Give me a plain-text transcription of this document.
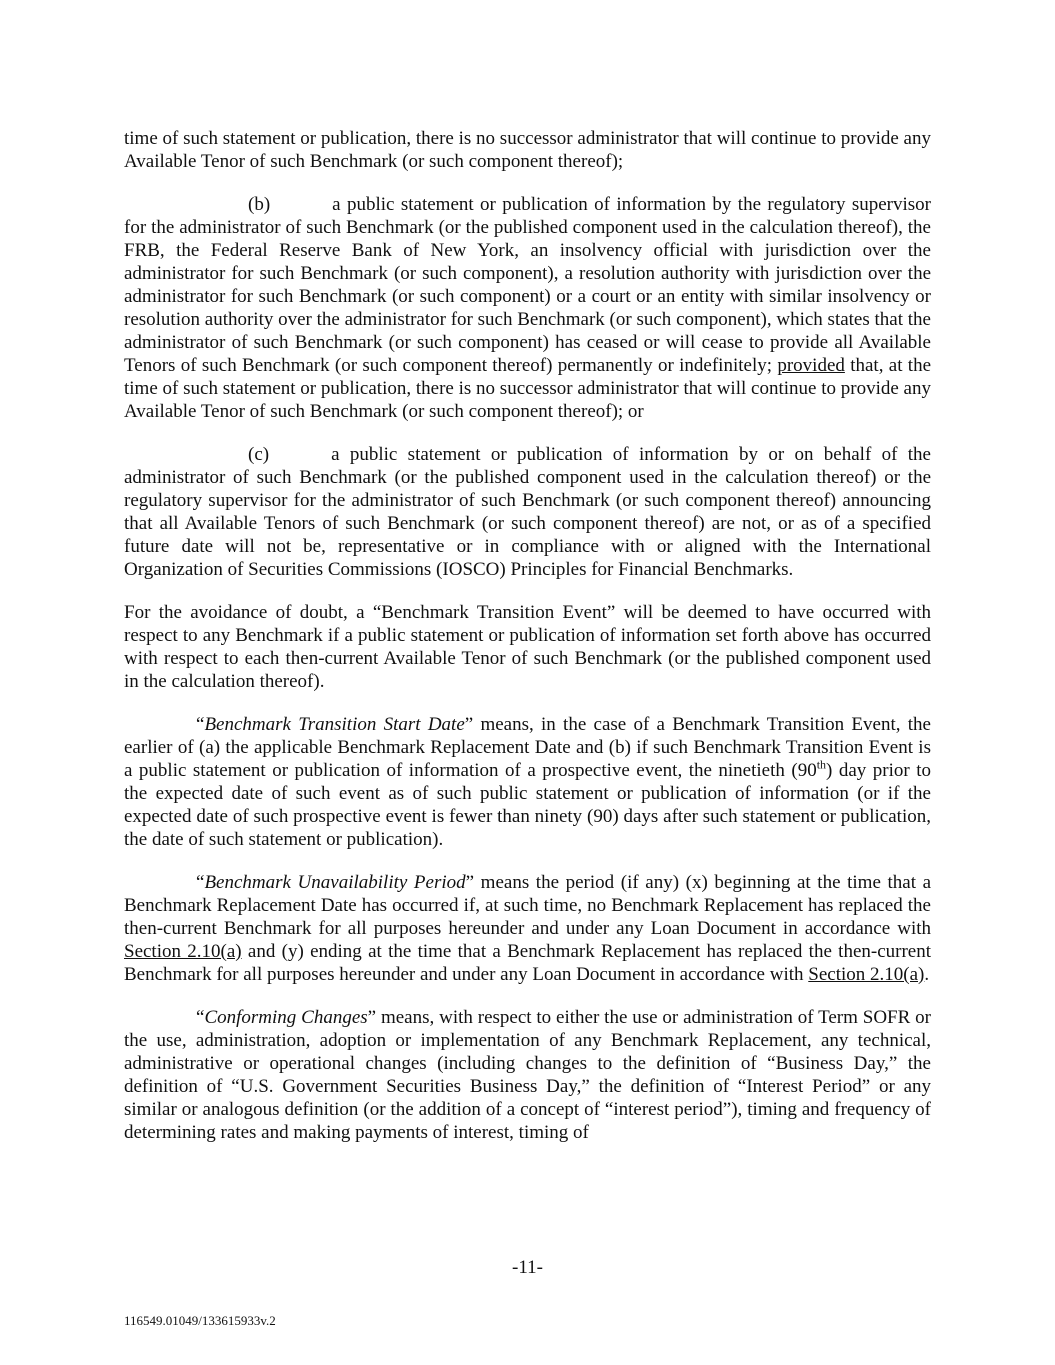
time of such statement or publication, there is no successor administrator that will continue to provide any Available Tenor of such Benchmark (or such component thereof);

(b)	a public statement or publication of information by the regulatory supervisor for the administrator of such Benchmark (or the published component used in the calculation thereof), the FRB, the Federal Reserve Bank of New York, an insolvency official with jurisdiction over the administrator for such Benchmark (or such component), a resolution authority with jurisdiction over the administrator for such Benchmark (or such component) or a court or an entity with similar insolvency or resolution authority over the administrator for such Benchmark (or such component), which states that the administrator of such Benchmark (or such component) has ceased or will cease to provide all Available Tenors of such Benchmark (or such component thereof) permanently or indefinitely; provided that, at the time of such statement or publication, there is no successor administrator that will continue to provide any Available Tenor of such Benchmark (or such component thereof); or

(c)	a public statement or publication of information by or on behalf of the administrator of such Benchmark (or the published component used in the calculation thereof) or the regulatory supervisor for the administrator of such Benchmark (or such component thereof) announcing that all Available Tenors of such Benchmark (or such component thereof) are not, or as of a specified future date will not be, representative or in compliance with or aligned with the International Organization of Securities Commissions (IOSCO) Principles for Financial Benchmarks.

For the avoidance of doubt, a “Benchmark Transition Event” will be deemed to have occurred with respect to any Benchmark if a public statement or publication of information set forth above has occurred with respect to each then-current Available Tenor of such Benchmark (or the published component used in the calculation thereof).

“Benchmark Transition Start Date” means, in the case of a Benchmark Transition Event, the earlier of (a) the applicable Benchmark Replacement Date and (b) if such Benchmark Transition Event is a public statement or publication of information of a prospective event, the ninetieth (90th) day prior to the expected date of such event as of such public statement or publication of information (or if the expected date of such prospective event is fewer than ninety (90) days after such statement or publication, the date of such statement or publication).

“Benchmark Unavailability Period” means the period (if any) (x) beginning at the time that a Benchmark Replacement Date has occurred if, at such time, no Benchmark Replacement has replaced the then-current Benchmark for all purposes hereunder and under any Loan Document in accordance with Section 2.10(a) and (y) ending at the time that a Benchmark Replacement has replaced the then-current Benchmark for all purposes hereunder and under any Loan Document in accordance with Section 2.10(a).

“Conforming Changes” means, with respect to either the use or administration of Term SOFR or the use, administration, adoption or implementation of any Benchmark Replacement, any technical, administrative or operational changes (including changes to the definition of “Business Day,” the definition of “U.S. Government Securities Business Day,” the definition of “Interest Period” or any similar or analogous definition (or the addition of a concept of “interest period”), timing and frequency of determining rates and making payments of interest, timing of

-11-
116549.01049/133615933v.2
